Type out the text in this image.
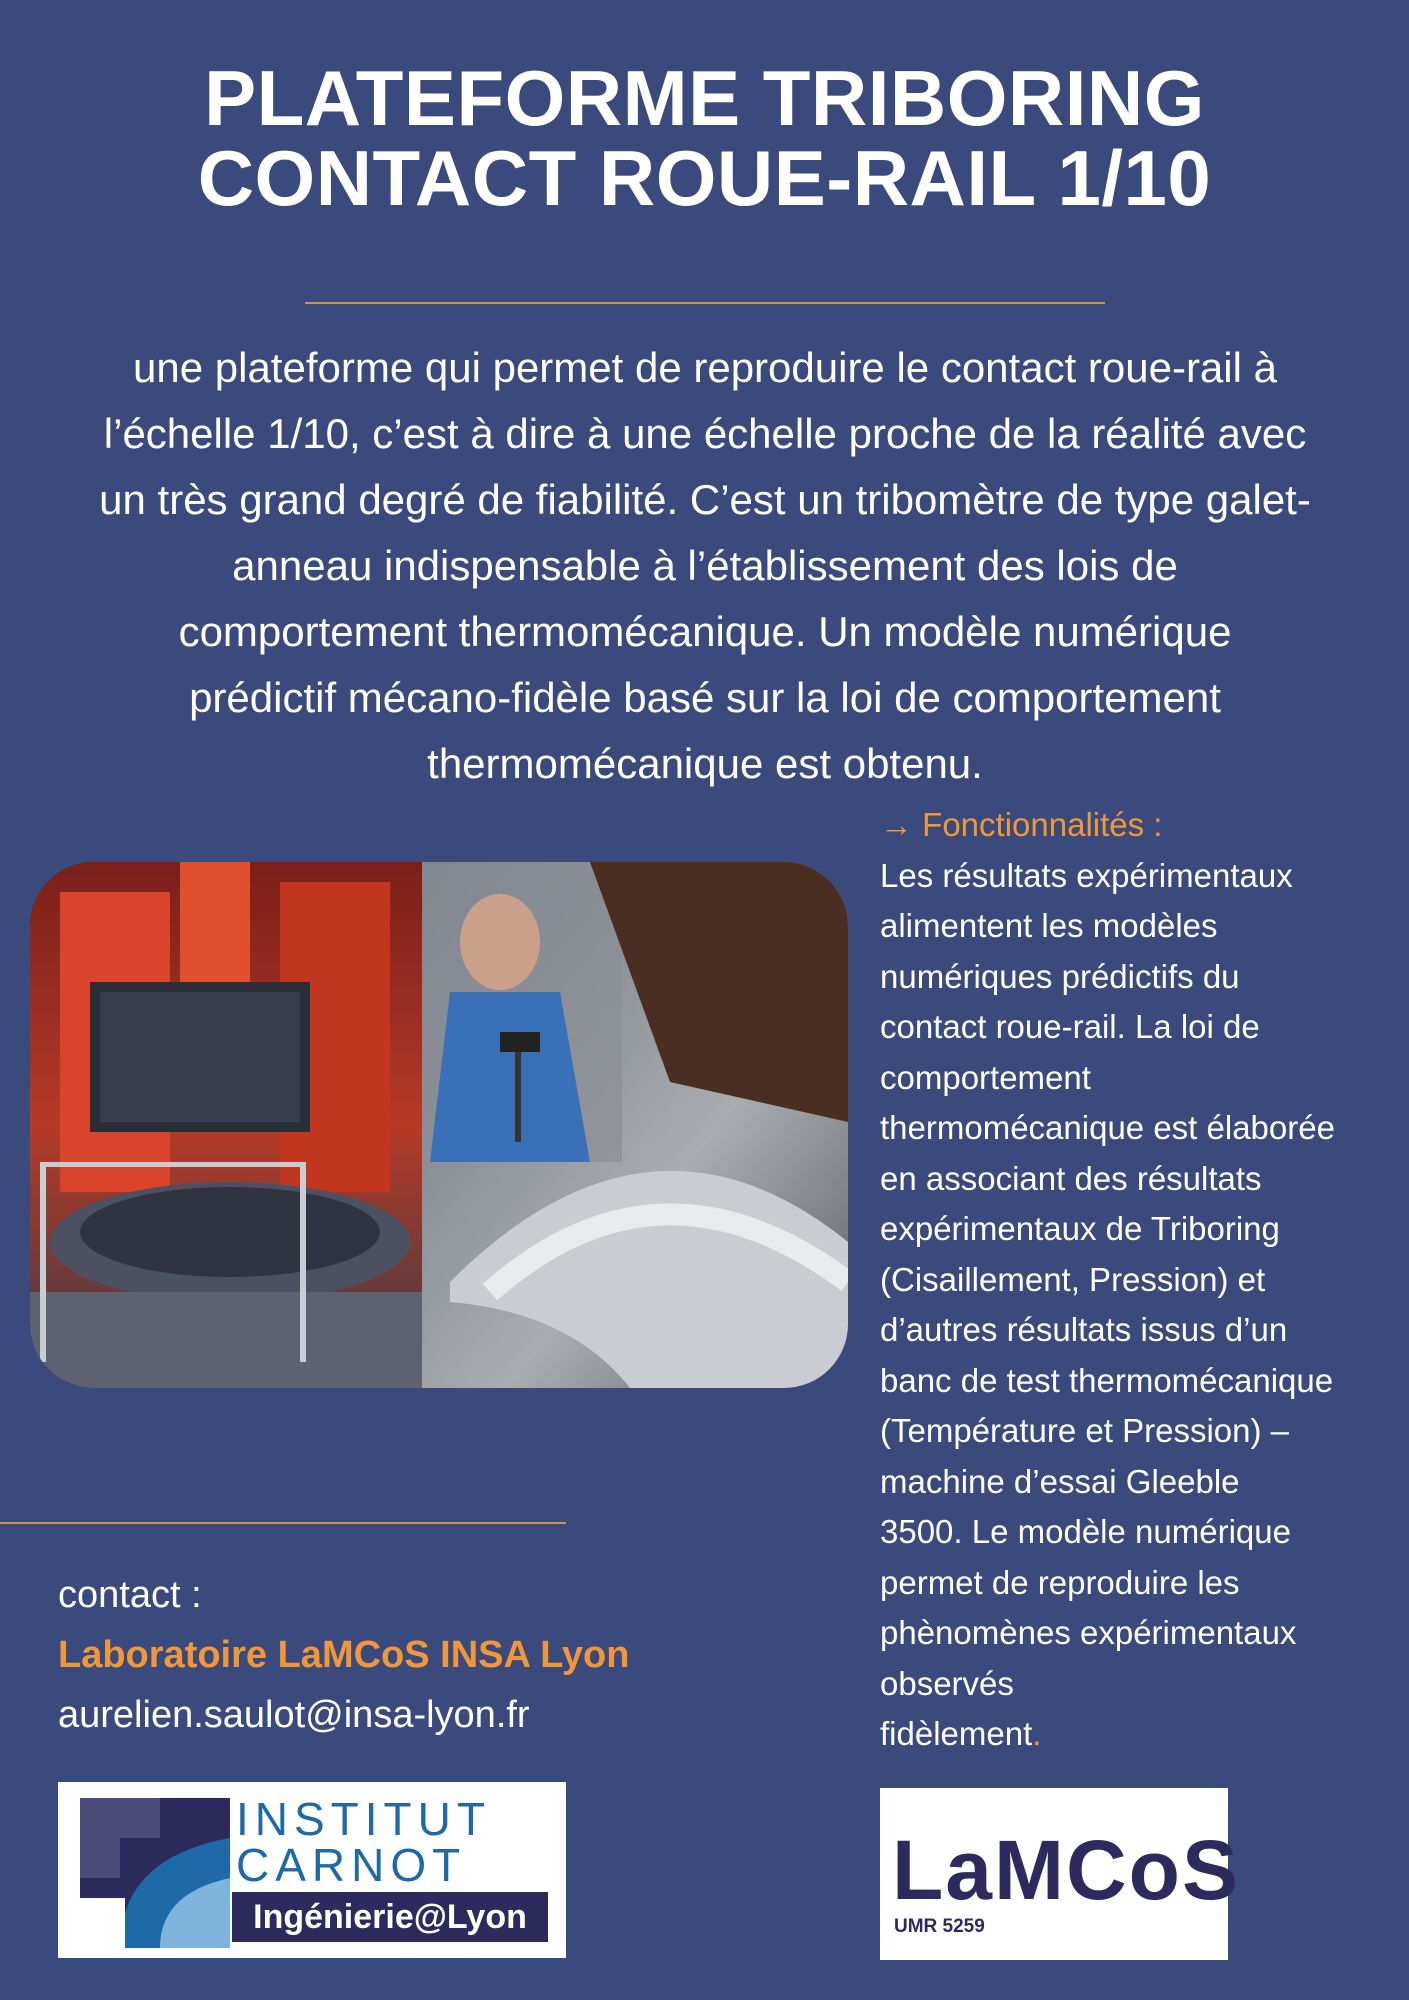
PLATEFORME TRIBORING
CONTACT ROUE-RAIL 1/10
une plateforme qui permet de reproduire le contact roue-rail à
l’échelle 1/10, c’est à dire à une échelle proche de la réalité avec
un très grand degré de fiabilité. C’est un tribomètre de type galet-
anneau indispensable à l’établissement des lois de
comportement thermomécanique. Un modèle numérique
prédictif mécano-fidèle basé sur la loi de comportement
thermomécanique est obtenu.
→ Fonctionnalités :
Les résultats expérimentaux
alimentent les modèles
numériques prédictifs du
contact roue-rail. La loi de
comportement
thermomécanique est élaborée
en associant des résultats
expérimentaux de Triboring
(Cisaillement, Pression) et
d’autres résultats issus d’un
banc de test thermomécanique
(Température et Pression) –
machine d’essai Gleeble
3500. Le modèle numérique
permet de reproduire les
phènomènes expérimentaux
observés
fidèlement.
contact :
Laboratoire LaMCoS INSA Lyon
aurelien.saulot@insa-lyon.fr
INSTITUT
CARNOT
Ingénierie@Lyon	LaMCoS
UMR 5259
